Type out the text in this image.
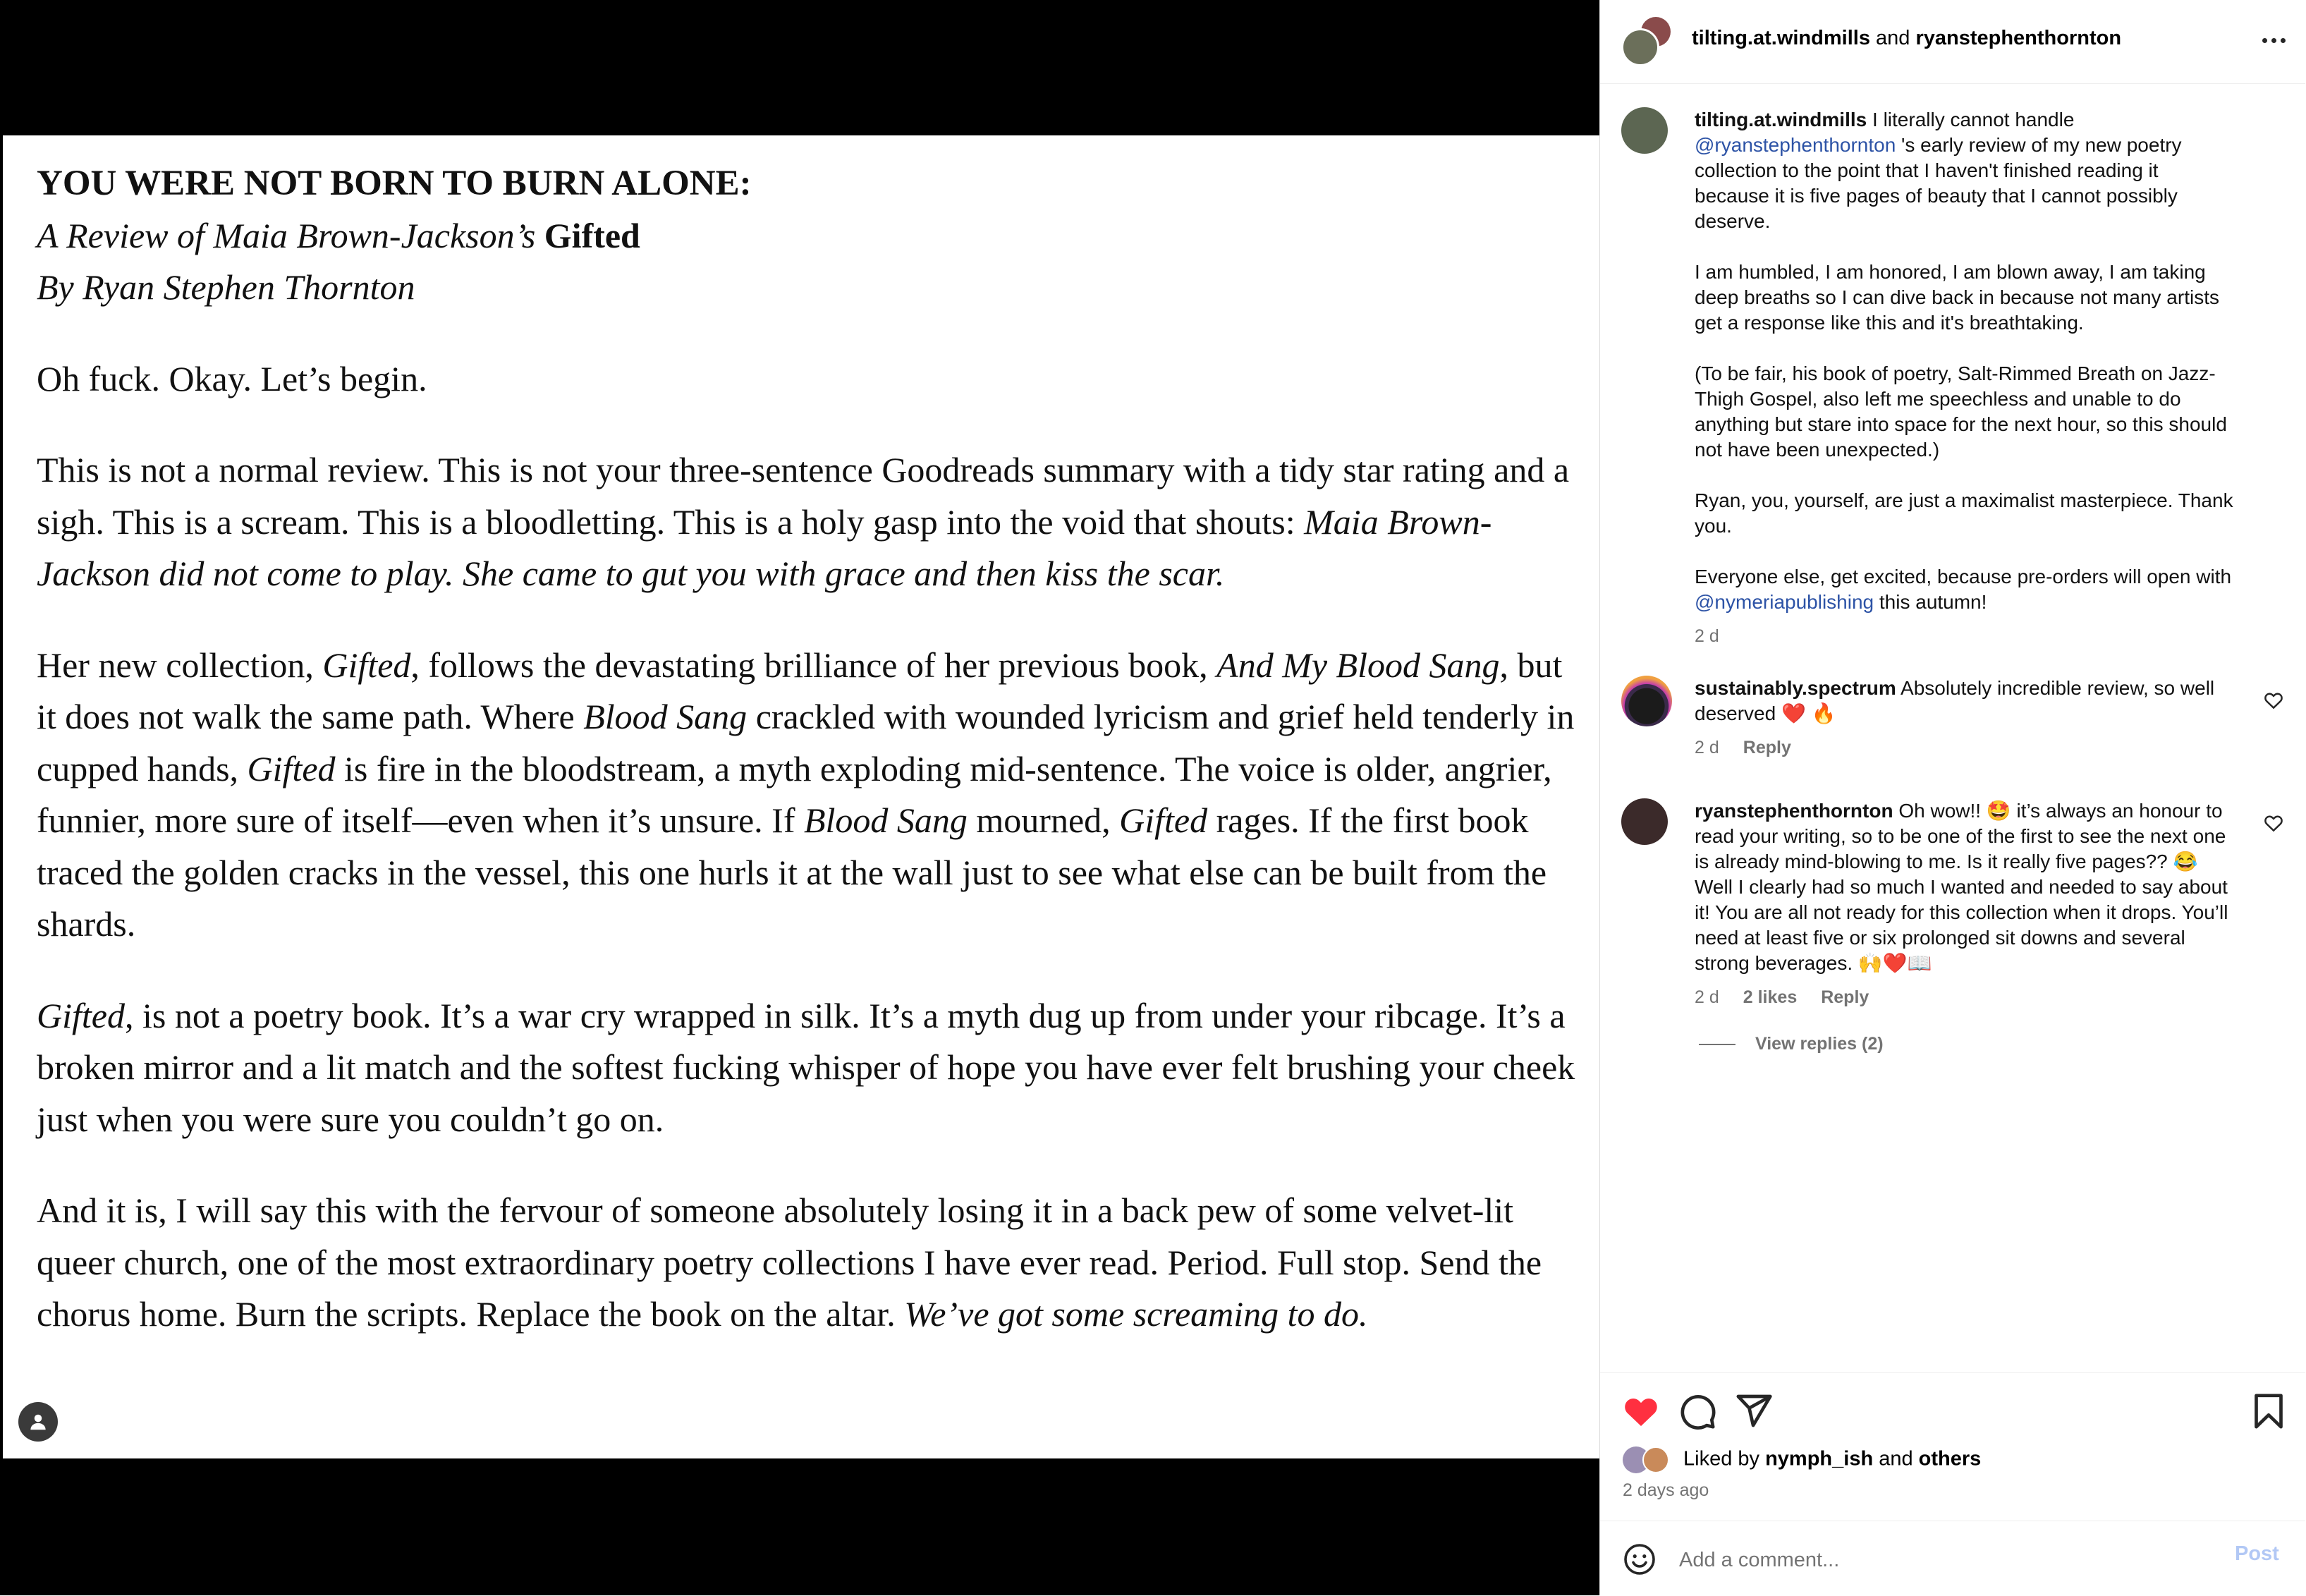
YOU WERE NOT BORN TO BURN ALONE:
A Review of Maia Brown-Jackson’s Gifted
By Ryan Stephen Thornton

Oh fuck. Okay. Let’s begin.

This is not a normal review. This is not your three-sentence Goodreads summary with a tidy star rating and a sigh. This is a scream. This is a bloodletting. This is a holy gasp into the void that shouts: Maia Brown-Jackson did not come to play. She came to gut you with grace and then kiss the scar.

Her new collection, Gifted, follows the devastating brilliance of her previous book, And My Blood Sang, but it does not walk the same path. Where Blood Sang crackled with wounded lyricism and grief held tenderly in cupped hands, Gifted is fire in the bloodstream, a myth exploding mid-sentence. The voice is older, angrier, funnier, more sure of itself—even when it’s unsure. If Blood Sang mourned, Gifted rages. If the first book traced the golden cracks in the vessel, this one hurls it at the wall just to see what else can be built from the shards.

Gifted, is not a poetry book. It’s a war cry wrapped in silk. It’s a myth dug up from under your ribcage. It’s a broken mirror and a lit match and the softest fucking whisper of hope you have ever felt brushing your cheek just when you were sure you couldn’t go on.

And it is, I will say this with the fervour of someone absolutely losing it in a back pew of some velvet-lit queer church, one of the most extraordinary poetry collections I have ever read. Period. Full stop. Send the chorus home. Burn the scripts. Replace the book on the altar. We’ve got some screaming to do.

tilting.at.windmills and ryanstephenthornton
tilting.at.windmills I literally cannot handle @ryanstephenthornton 's early review of my new poetry collection to the point that I haven't finished reading it because it is five pages of beauty that I cannot possibly deserve.
I am humbled, I am honored, I am blown away, I am taking deep breaths so I can dive back in because not many artists get a response like this and it's breathtaking.
(To be fair, his book of poetry, Salt-Rimmed Breath on Jazz-Thigh Gospel, also left me speechless and unable to do anything but stare into space for the next hour, so this should not have been unexpected.)
Ryan, you, yourself, are just a maximalist masterpiece. Thank you.
Everyone else, get excited, because pre-orders will open with @nymeriapublishing this autumn!
2 d
sustainably.spectrum Absolutely incredible review, so well deserved ❤️ 🔥
2 d Reply
ryanstephenthornton Oh wow!! 🤩 it’s always an honour to read your writing, so to be one of the first to see the next one is already mind-blowing to me. Is it really five pages?? 😂 Well I clearly had so much I wanted and needed to say about it! You are all not ready for this collection when it drops. You’ll need at least five or six prolonged sit downs and several strong beverages. 🙌❤️📖
2 d 2 likes Reply
View replies (2)
Liked by nymph_ish and others
2 days ago
Add a comment...
Post
